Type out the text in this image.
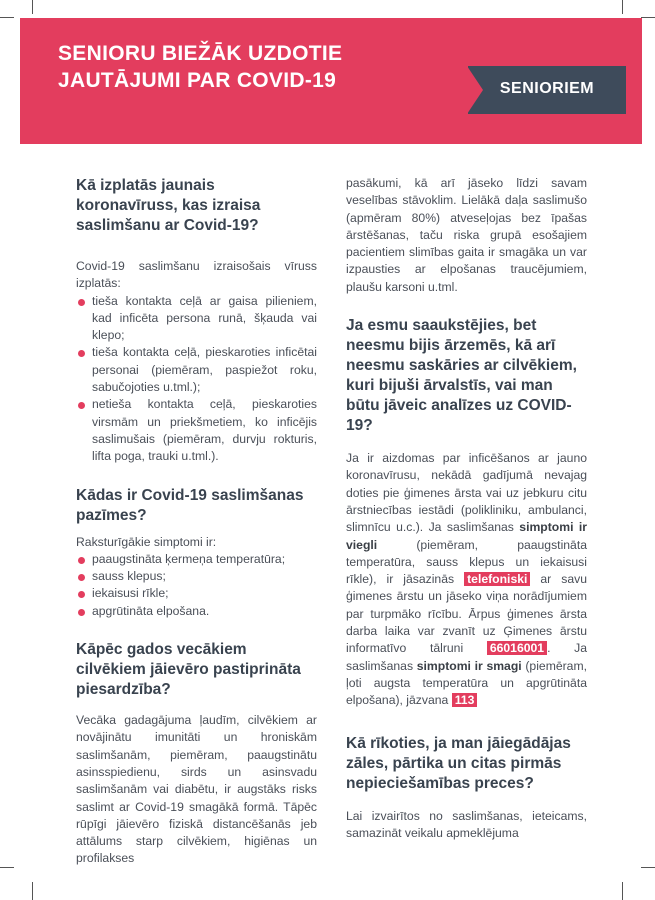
SENIORU BIEŽĀK UZDOTIE
JAUTĀJUMI PAR COVID-19	SENIORIEM
Kā izplatās jaunais koronavīruss, kas izraisa saslimšanu ar Covid-19?

Covid-19 saslimšanu izraisošais vīruss izplatās:

tieša kontakta ceļā ar gaisa pilieniem, kad inficēta persona runā, šķauda vai klepo;

tieša kontakta ceļā, pieskaroties inficētai personai (piemēram, paspiežot roku, sabučojoties u.tml.);

netieša kontakta ceļā, pieskaroties virsmām un priekšmetiem, ko inficējis saslimušais (piemēram, durvju rokturis, lifta poga, trauki u.tml.).

Kādas ir Covid-19 saslimšanas pazīmes?

Raksturīgākie simptomi ir:

paaugstināta ķermeņa temperatūra;

sauss klepus;

iekaisusi rīkle;

apgrūtināta elpošana.

Kāpēc gados vecākiem cilvēkiem jāievēro pastiprināta piesardzība?

Vecāka gadagājuma ļaudīm, cilvēkiem ar novājinātu imunitāti un hroniskām saslimšanām, piemēram, paaugstinātu asinsspiedienu, sirds un asinsvadu saslimšanām vai diabētu, ir augstāks risks saslimt ar Covid-19 smagākā formā. Tāpēc rūpīgi jāievēro fiziskā distancēšanās jeb attālums starp cilvēkiem, higiēnas un profilakses

pasākumi, kā arī jāseko līdzi savam veselības stāvoklim. Lielākā daļa saslimušo (apmēram 80%) atveseļojas bez īpašas ārstēšanas, taču riska grupā esošajiem pacientiem slimības gaita ir smagāka un var izpausties ar elpošanas traucējumiem, plaušu karsoni u.tml.

Ja esmu saaukstējies, bet neesmu bijis ārzemēs, kā arī neesmu saskāries ar cilvēkiem, kuri bijuši ārvalstīs, vai man būtu jāveic analīzes uz COVID-19?

Ja ir aizdomas par inficēšanos ar jauno koronavīrusu, nekādā gadījumā nevajag doties pie ģimenes ārsta vai uz jebkuru citu ārstniecības iestādi (polikliniku, ambulanci, slimnīcu u.c.). Ja saslimšanas simptomi ir viegli (piemēram, paaugstināta temperatūra, sauss klepus un iekaisusi rīkle), ir jāsazinās telefoniski ar savu ģimenes ārstu un jāseko viņa norādījumiem par turpmāko rīcību. Ārpus ģimenes ārsta darba laika var zvanīt uz Ģimenes ārstu informatīvo tālruni 66016001 . Ja saslimšanas simptomi ir smagi (piemēram, ļoti augsta temperatūra un apgrūtināta elpošana), jāzvana 113

Kā rīkoties, ja man jāiegādājas zāles, pārtika un citas pirmās nepieciešamības preces?

Lai izvairītos no saslimšanas, ieteicams, samazināt veikalu apmeklējuma
